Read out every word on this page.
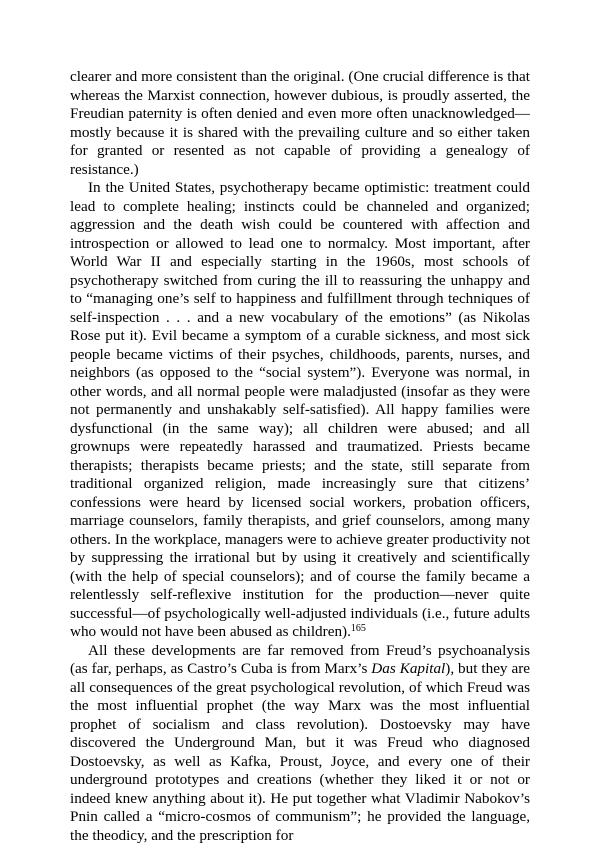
clearer and more consistent than the original. (One crucial difference is that whereas the Marxist connection, however dubious, is proudly asserted, the Freudian paternity is often denied and even more often unacknowledged—mostly because it is shared with the prevailing culture and so either taken for granted or resented as not capable of providing a genealogy of resistance.)

In the United States, psychotherapy became optimistic: treatment could lead to complete healing; instincts could be channeled and organized; aggression and the death wish could be countered with affection and introspection or allowed to lead one to normalcy. Most important, after World War II and especially starting in the 1960s, most schools of psychotherapy switched from curing the ill to reassuring the unhappy and to “managing one’s self to happiness and fulfillment through techniques of self-inspection . . . and a new vocabulary of the emotions” (as Nikolas Rose put it). Evil became a symptom of a curable sickness, and most sick people became victims of their psyches, childhoods, parents, nurses, and neighbors (as opposed to the “social system”). Everyone was normal, in other words, and all normal people were maladjusted (insofar as they were not permanently and unshakably self-satisfied). All happy families were dysfunctional (in the same way); all children were abused; and all grownups were repeatedly harassed and traumatized. Priests became therapists; therapists became priests; and the state, still separate from traditional organized religion, made increasingly sure that citizens’ confessions were heard by licensed social workers, probation officers, marriage counselors, family therapists, and grief counselors, among many others. In the workplace, managers were to achieve greater productivity not by suppressing the irrational but by using it creatively and scientifically (with the help of special counselors); and of course the family became a relentlessly self-reflexive institution for the production—never quite successful—of psychologically well-adjusted individuals (i.e., future adults who would not have been abused as children).$^{165}$

All these developments are far removed from Freud’s psychoanalysis (as far, perhaps, as Castro’s Cuba is from Marx’s Das Kapital), but they are all consequences of the great psychological revolution, of which Freud was the most influential prophet (the way Marx was the most influential prophet of socialism and class revolution). Dostoevsky may have discovered the Underground Man, but it was Freud who diagnosed Dostoevsky, as well as Kafka, Proust, Joyce, and every one of their underground prototypes and creations (whether they liked it or not or indeed knew anything about it). He put together what Vladimir Nabokov’s Pnin called a “micro-cosmos of communism”; he provided the language, the theodicy, and the prescription for
